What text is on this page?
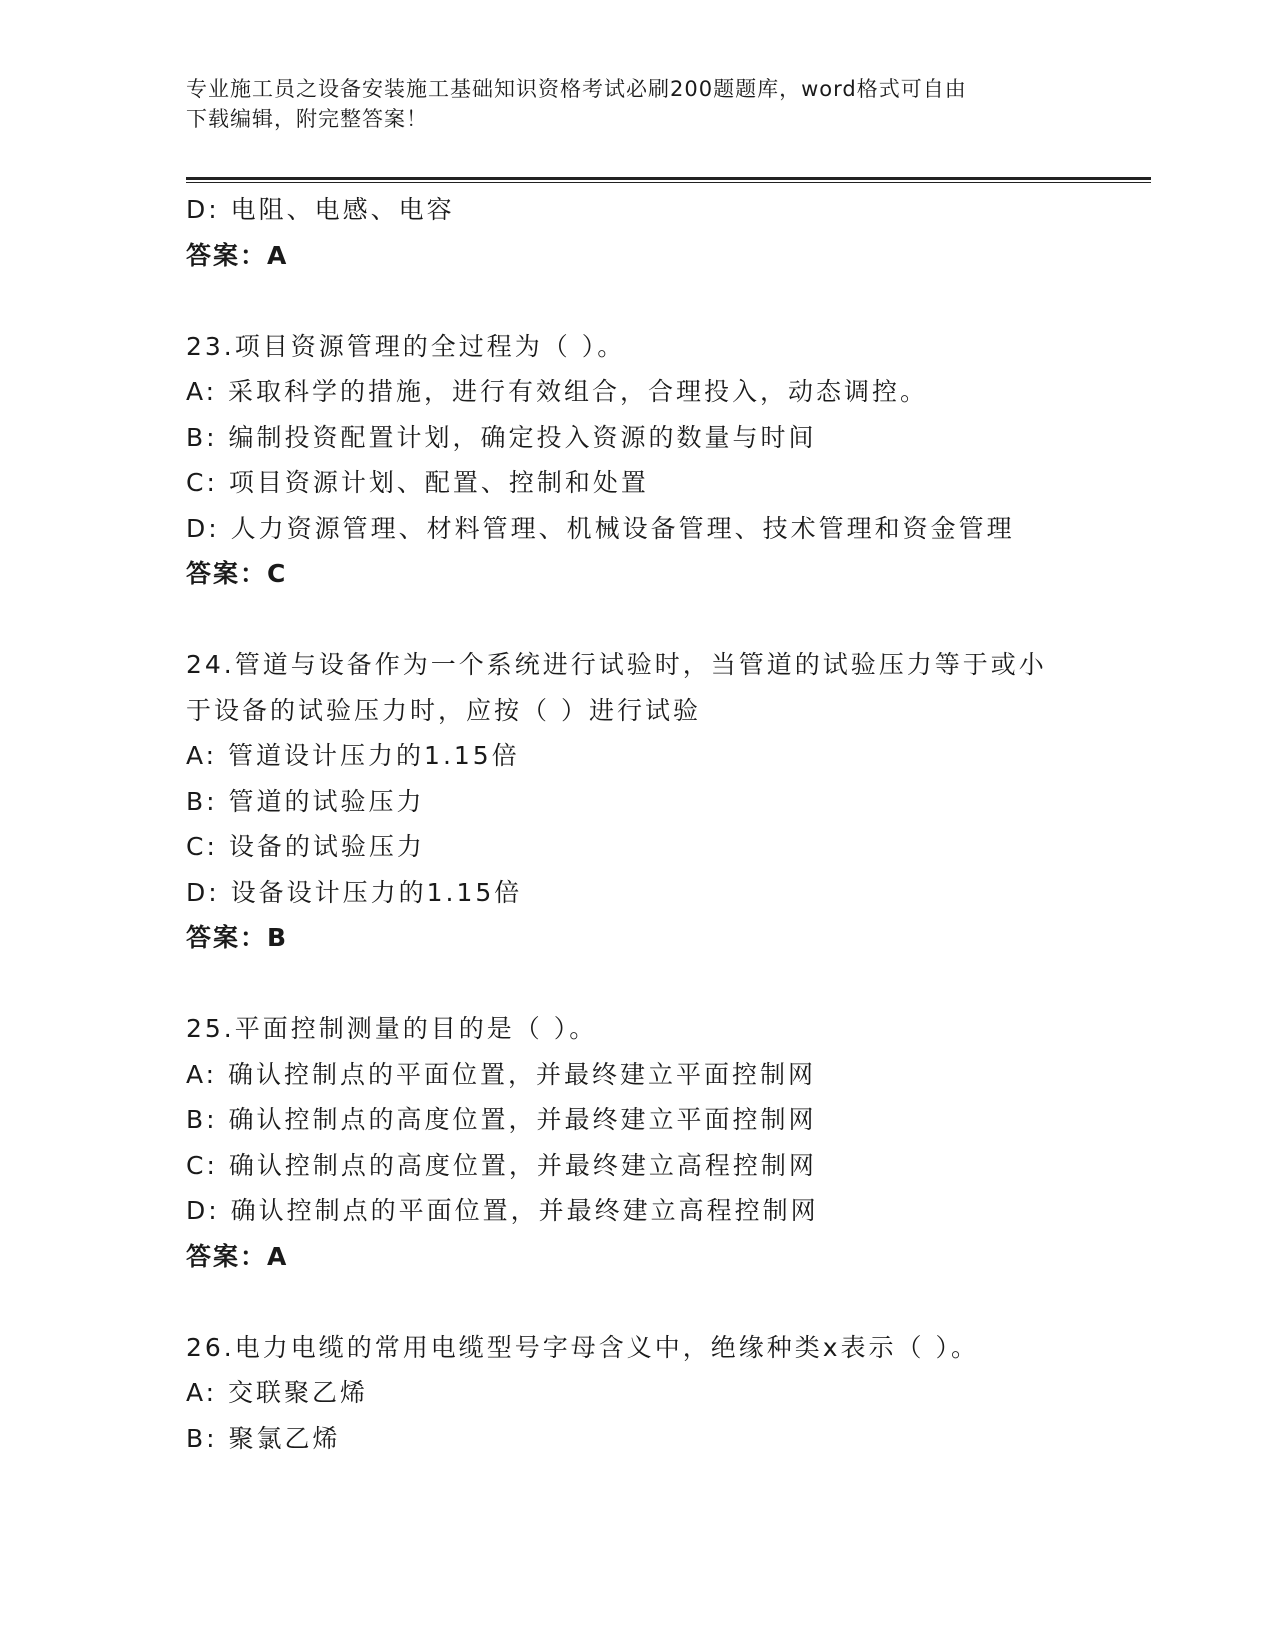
专业施工员之设备安装施工基础知识资格考试必刷200题题库，word格式可自由
下载编辑，附完整答案！
D: 电阻、电感、电容
答案：A
23.项目资源管理的全过程为（ ）。
A: 采取科学的措施，进行有效组合，合理投入，动态调控。
B: 编制投资配置计划，确定投入资源的数量与时间
C: 项目资源计划、配置、控制和处置
D: 人力资源管理、材料管理、机械设备管理、技术管理和资金管理
答案：C
24.管道与设备作为一个系统进行试验时，当管道的试验压力等于或小
于设备的试验压力时，应按（ ）进行试验
A: 管道设计压力的1.15倍
B: 管道的试验压力
C: 设备的试验压力
D: 设备设计压力的1.15倍
答案：B
25.平面控制测量的目的是（ ）。
A: 确认控制点的平面位置，并最终建立平面控制网
B: 确认控制点的高度位置，并最终建立平面控制网
C: 确认控制点的高度位置，并最终建立高程控制网
D: 确认控制点的平面位置，并最终建立高程控制网
答案：A
26.电力电缆的常用电缆型号字母含义中，绝缘种类x表示（ ）。
A: 交联聚乙烯
B: 聚氯乙烯
